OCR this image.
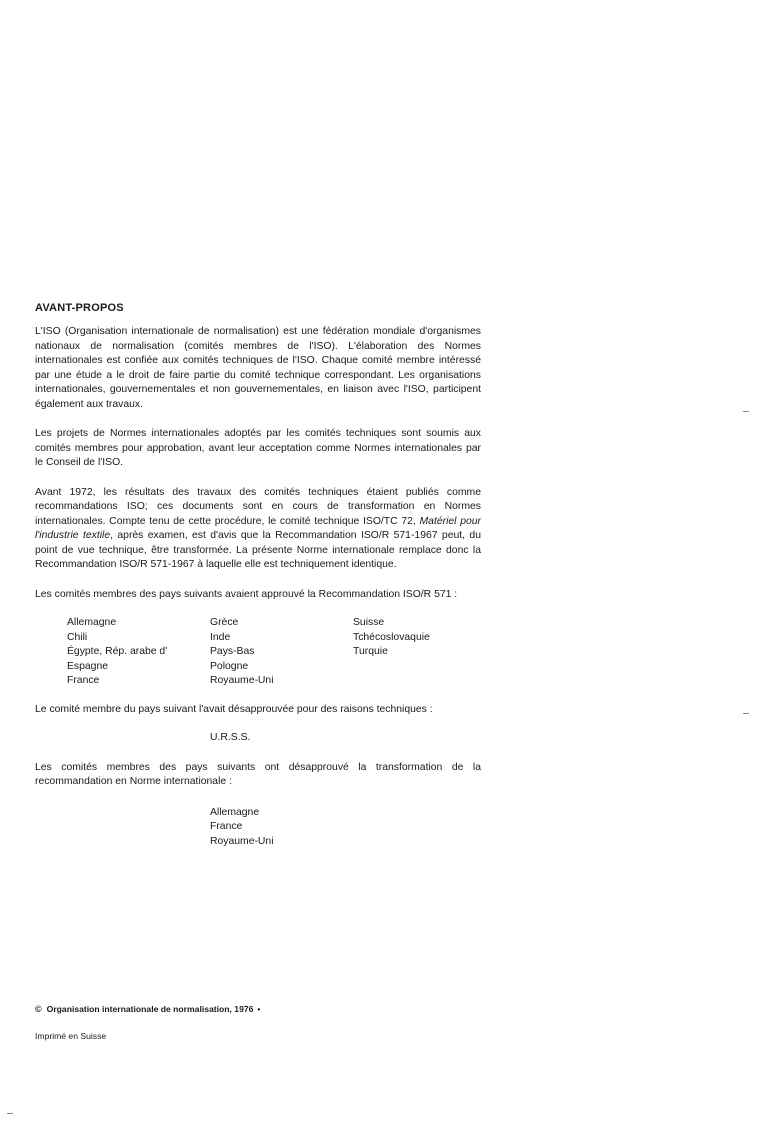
AVANT-PROPOS

L'ISO (Organisation internationale de normalisation) est une fédération mondiale d'organismes nationaux de normalisation (comités membres de l'ISO). L'élaboration des Normes internationales est confiée aux comités techniques de l'ISO. Chaque comité membre intéressé par une étude a le droit de faire partie du comité technique correspondant. Les organisations internationales, gouvernementales et non gouvernementales, en liaison avec l'ISO, participent également aux travaux.

Les projets de Normes internationales adoptés par les comités techniques sont soumis aux comités membres pour approbation, avant leur acceptation comme Normes internationales par le Conseil de l'ISO.

Avant 1972, les résultats des travaux des comités techniques étaient publiés comme recommandations ISO; ces documents sont en cours de transformation en Normes internationales. Compte tenu de cette procédure, le comité technique ISO/TC 72, Matériel pour l'industrie textile, après examen, est d'avis que la Recommandation ISO/R 571-1967 peut, du point de vue technique, être transformée. La présente Norme internationale remplace donc la Recommandation ISO/R 571-1967 à laquelle elle est techniquement identique.

Les comités membres des pays suivants avaient approuvé la Recommandation ISO/R 571 :

Allemagne
Chili
Égypte, Rép. arabe d'
Espagne
France
Grèce
Inde
Pays-Bas
Pologne
Royaume-Uni
Suisse
Tchécoslovaquie
Turquie

Le comité membre du pays suivant l'avait désapprouvée pour des raisons techniques :

U.R.S.S.

Les comités membres des pays suivants ont désapprouvé la transformation de la recommandation en Norme internationale :

Allemagne
France
Royaume-Uni
© Organisation internationale de normalisation, 1976 •
Imprimé en Suisse
